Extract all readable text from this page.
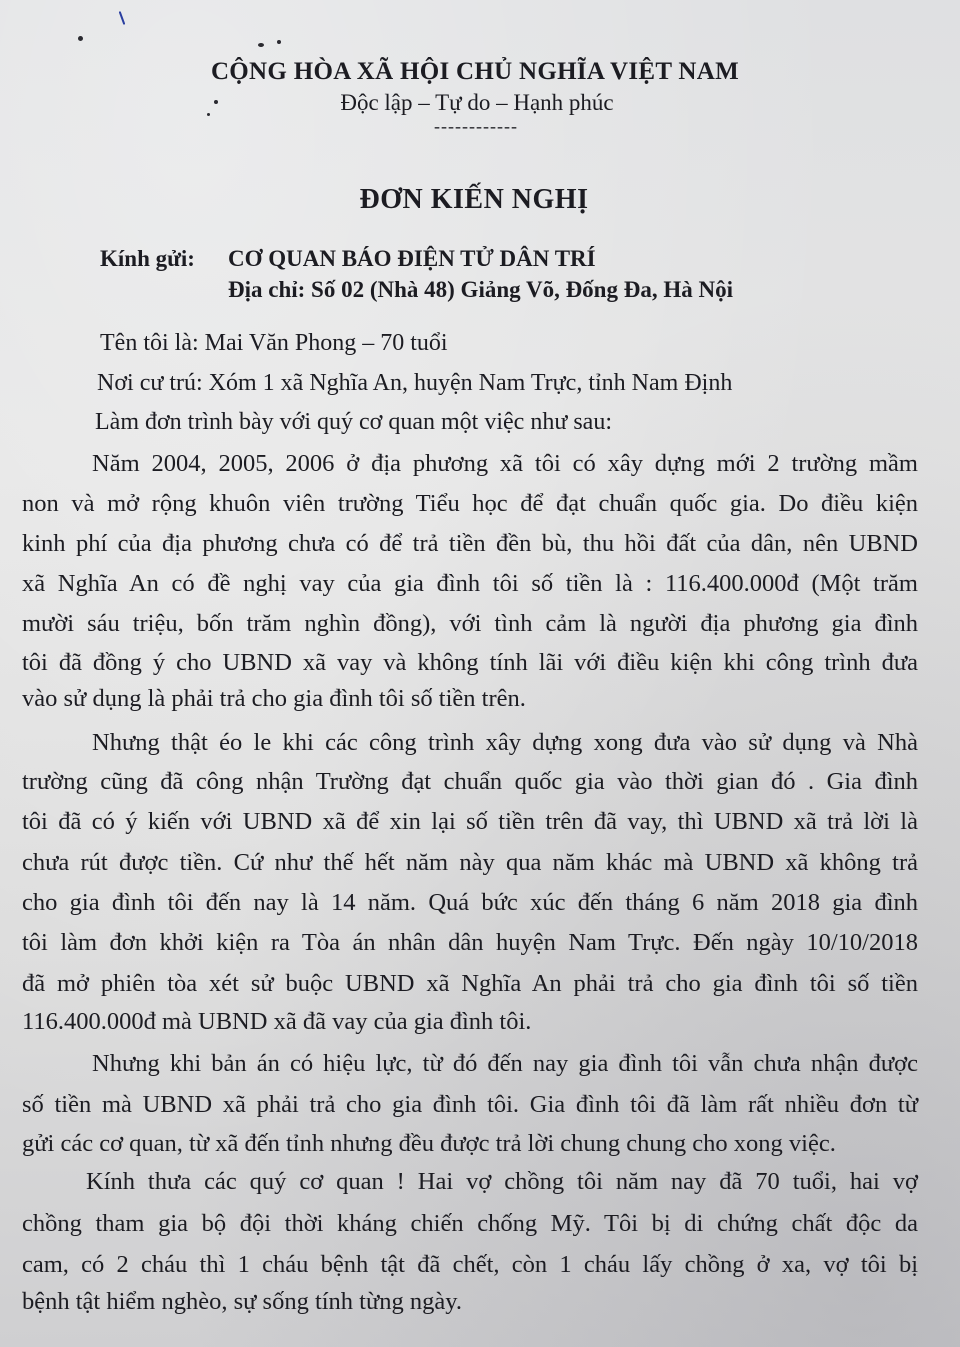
CỘNG HÒA XÃ HỘI CHỦ NGHĨA VIỆT NAM
Độc lập – Tự do – Hạnh phúc
------------
ĐƠN KIẾN NGHỊ
Kính gửi:	CƠ QUAN BÁO ĐIỆN TỬ DÂN TRÍ
Địa chỉ: Số 02 (Nhà 48) Giảng Võ, Đống Đa, Hà Nội
Tên tôi là: Mai Văn Phong – 70 tuổi
Nơi cư trú: Xóm 1 xã Nghĩa An, huyện Nam Trực, tỉnh Nam Định
Làm đơn trình bày với quý cơ quan một việc như sau:
Năm 2004, 2005, 2006 ở địa phương xã tôi có xây dựng mới 2 trường mầm
non và mở rộng khuôn viên trường Tiểu học để đạt chuẩn quốc gia. Do điều kiện
kinh phí của địa phương chưa có để trả tiền đền bù, thu hồi đất của dân, nên UBND
xã Nghĩa An có đề nghị vay của gia đình tôi số tiền là : 116.400.000đ (Một trăm
mười sáu triệu, bốn trăm nghìn đồng), với tình cảm là người địa phương gia đình
tôi đã đồng ý cho UBND xã vay và không tính lãi với điều kiện khi công trình đưa
vào sử dụng là phải trả cho gia đình tôi số tiền trên.
Nhưng thật éo le khi các công trình xây dựng xong đưa vào sử dụng và Nhà
trường cũng đã công nhận Trường đạt chuẩn quốc gia vào thời gian đó . Gia đình
tôi đã có ý kiến với UBND xã để xin lại số tiền trên đã vay, thì UBND xã trả lời là
chưa rút được tiền. Cứ như thế hết năm này qua năm khác mà UBND xã không trả
cho gia đình tôi đến nay là 14 năm. Quá bức xúc đến tháng 6 năm 2018 gia đình
tôi làm đơn khởi kiện ra Tòa án nhân dân huyện Nam Trực. Đến ngày 10/10/2018
đã mở phiên tòa xét sử buộc UBND xã Nghĩa An phải trả cho gia đình tôi số tiền
116.400.000đ mà UBND xã đã vay của gia đình tôi.
Nhưng khi bản án có hiệu lực, từ đó đến nay gia đình tôi vẫn chưa nhận được
số tiền mà UBND xã phải trả cho gia đình tôi. Gia đình tôi đã làm rất nhiều đơn từ
gửi các cơ quan, từ xã đến tỉnh nhưng đều được trả lời chung chung cho xong việc.
Kính thưa các quý cơ quan ! Hai vợ chồng tôi năm nay đã 70 tuổi, hai vợ
chồng tham gia bộ đội thời kháng chiến chống Mỹ. Tôi bị di chứng chất độc da
cam, có 2 cháu thì 1 cháu bệnh tật đã chết, còn 1 cháu lấy chồng ở xa, vợ tôi bị
bệnh tật hiểm nghèo, sự sống tính từng ngày.
